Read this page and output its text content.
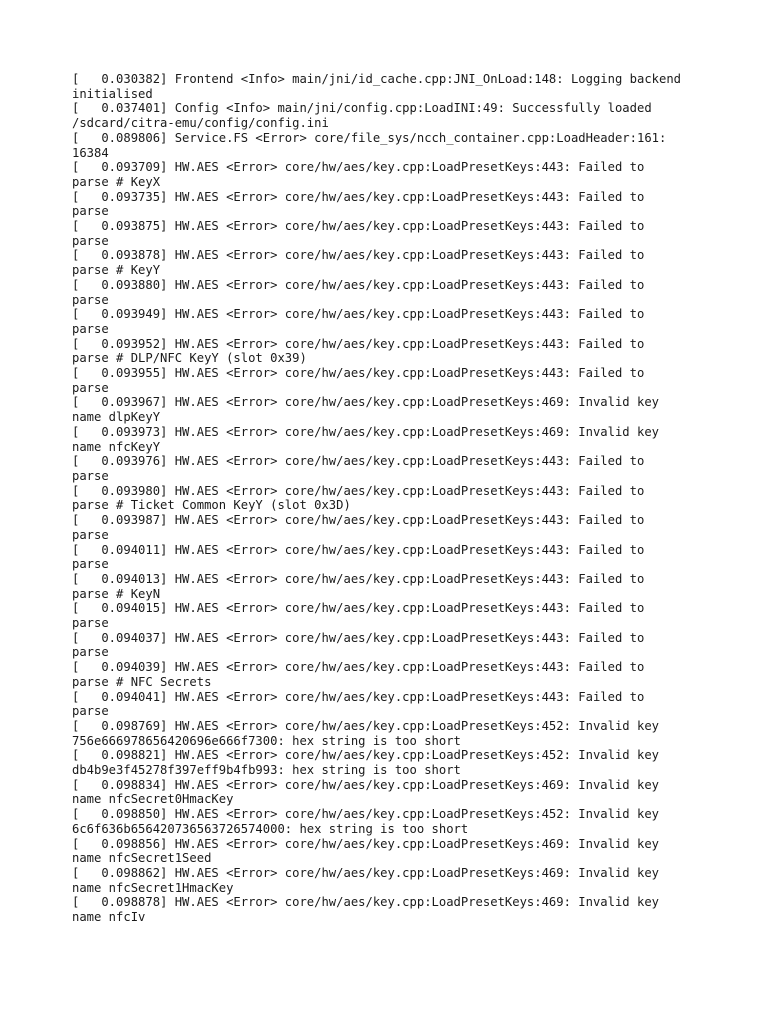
[   0.030382] Frontend <Info> main/jni/id_cache.cpp:JNI_OnLoad:148: Logging backend
initialised
[   0.037401] Config <Info> main/jni/config.cpp:LoadINI:49: Successfully loaded
/sdcard/citra-emu/config/config.ini
[   0.089806] Service.FS <Error> core/file_sys/ncch_container.cpp:LoadHeader:161:
16384
[   0.093709] HW.AES <Error> core/hw/aes/key.cpp:LoadPresetKeys:443: Failed to
parse # KeyX
[   0.093735] HW.AES <Error> core/hw/aes/key.cpp:LoadPresetKeys:443: Failed to
parse
[   0.093875] HW.AES <Error> core/hw/aes/key.cpp:LoadPresetKeys:443: Failed to
parse
[   0.093878] HW.AES <Error> core/hw/aes/key.cpp:LoadPresetKeys:443: Failed to
parse # KeyY
[   0.093880] HW.AES <Error> core/hw/aes/key.cpp:LoadPresetKeys:443: Failed to
parse
[   0.093949] HW.AES <Error> core/hw/aes/key.cpp:LoadPresetKeys:443: Failed to
parse
[   0.093952] HW.AES <Error> core/hw/aes/key.cpp:LoadPresetKeys:443: Failed to
parse # DLP/NFC KeyY (slot 0x39)
[   0.093955] HW.AES <Error> core/hw/aes/key.cpp:LoadPresetKeys:443: Failed to
parse
[   0.093967] HW.AES <Error> core/hw/aes/key.cpp:LoadPresetKeys:469: Invalid key
name dlpKeyY
[   0.093973] HW.AES <Error> core/hw/aes/key.cpp:LoadPresetKeys:469: Invalid key
name nfcKeyY
[   0.093976] HW.AES <Error> core/hw/aes/key.cpp:LoadPresetKeys:443: Failed to
parse
[   0.093980] HW.AES <Error> core/hw/aes/key.cpp:LoadPresetKeys:443: Failed to
parse # Ticket Common KeyY (slot 0x3D)
[   0.093987] HW.AES <Error> core/hw/aes/key.cpp:LoadPresetKeys:443: Failed to
parse
[   0.094011] HW.AES <Error> core/hw/aes/key.cpp:LoadPresetKeys:443: Failed to
parse
[   0.094013] HW.AES <Error> core/hw/aes/key.cpp:LoadPresetKeys:443: Failed to
parse # KeyN
[   0.094015] HW.AES <Error> core/hw/aes/key.cpp:LoadPresetKeys:443: Failed to
parse
[   0.094037] HW.AES <Error> core/hw/aes/key.cpp:LoadPresetKeys:443: Failed to
parse
[   0.094039] HW.AES <Error> core/hw/aes/key.cpp:LoadPresetKeys:443: Failed to
parse # NFC Secrets
[   0.094041] HW.AES <Error> core/hw/aes/key.cpp:LoadPresetKeys:443: Failed to
parse
[   0.098769] HW.AES <Error> core/hw/aes/key.cpp:LoadPresetKeys:452: Invalid key
756e666978656420696e666f7300: hex string is too short
[   0.098821] HW.AES <Error> core/hw/aes/key.cpp:LoadPresetKeys:452: Invalid key
db4b9e3f45278f397eff9b4fb993: hex string is too short
[   0.098834] HW.AES <Error> core/hw/aes/key.cpp:LoadPresetKeys:469: Invalid key
name nfcSecret0HmacKey
[   0.098850] HW.AES <Error> core/hw/aes/key.cpp:LoadPresetKeys:452: Invalid key
6c6f636b656420736563726574000: hex string is too short
[   0.098856] HW.AES <Error> core/hw/aes/key.cpp:LoadPresetKeys:469: Invalid key
name nfcSecret1Seed
[   0.098862] HW.AES <Error> core/hw/aes/key.cpp:LoadPresetKeys:469: Invalid key
name nfcSecret1HmacKey
[   0.098878] HW.AES <Error> core/hw/aes/key.cpp:LoadPresetKeys:469: Invalid key
name nfcIv
